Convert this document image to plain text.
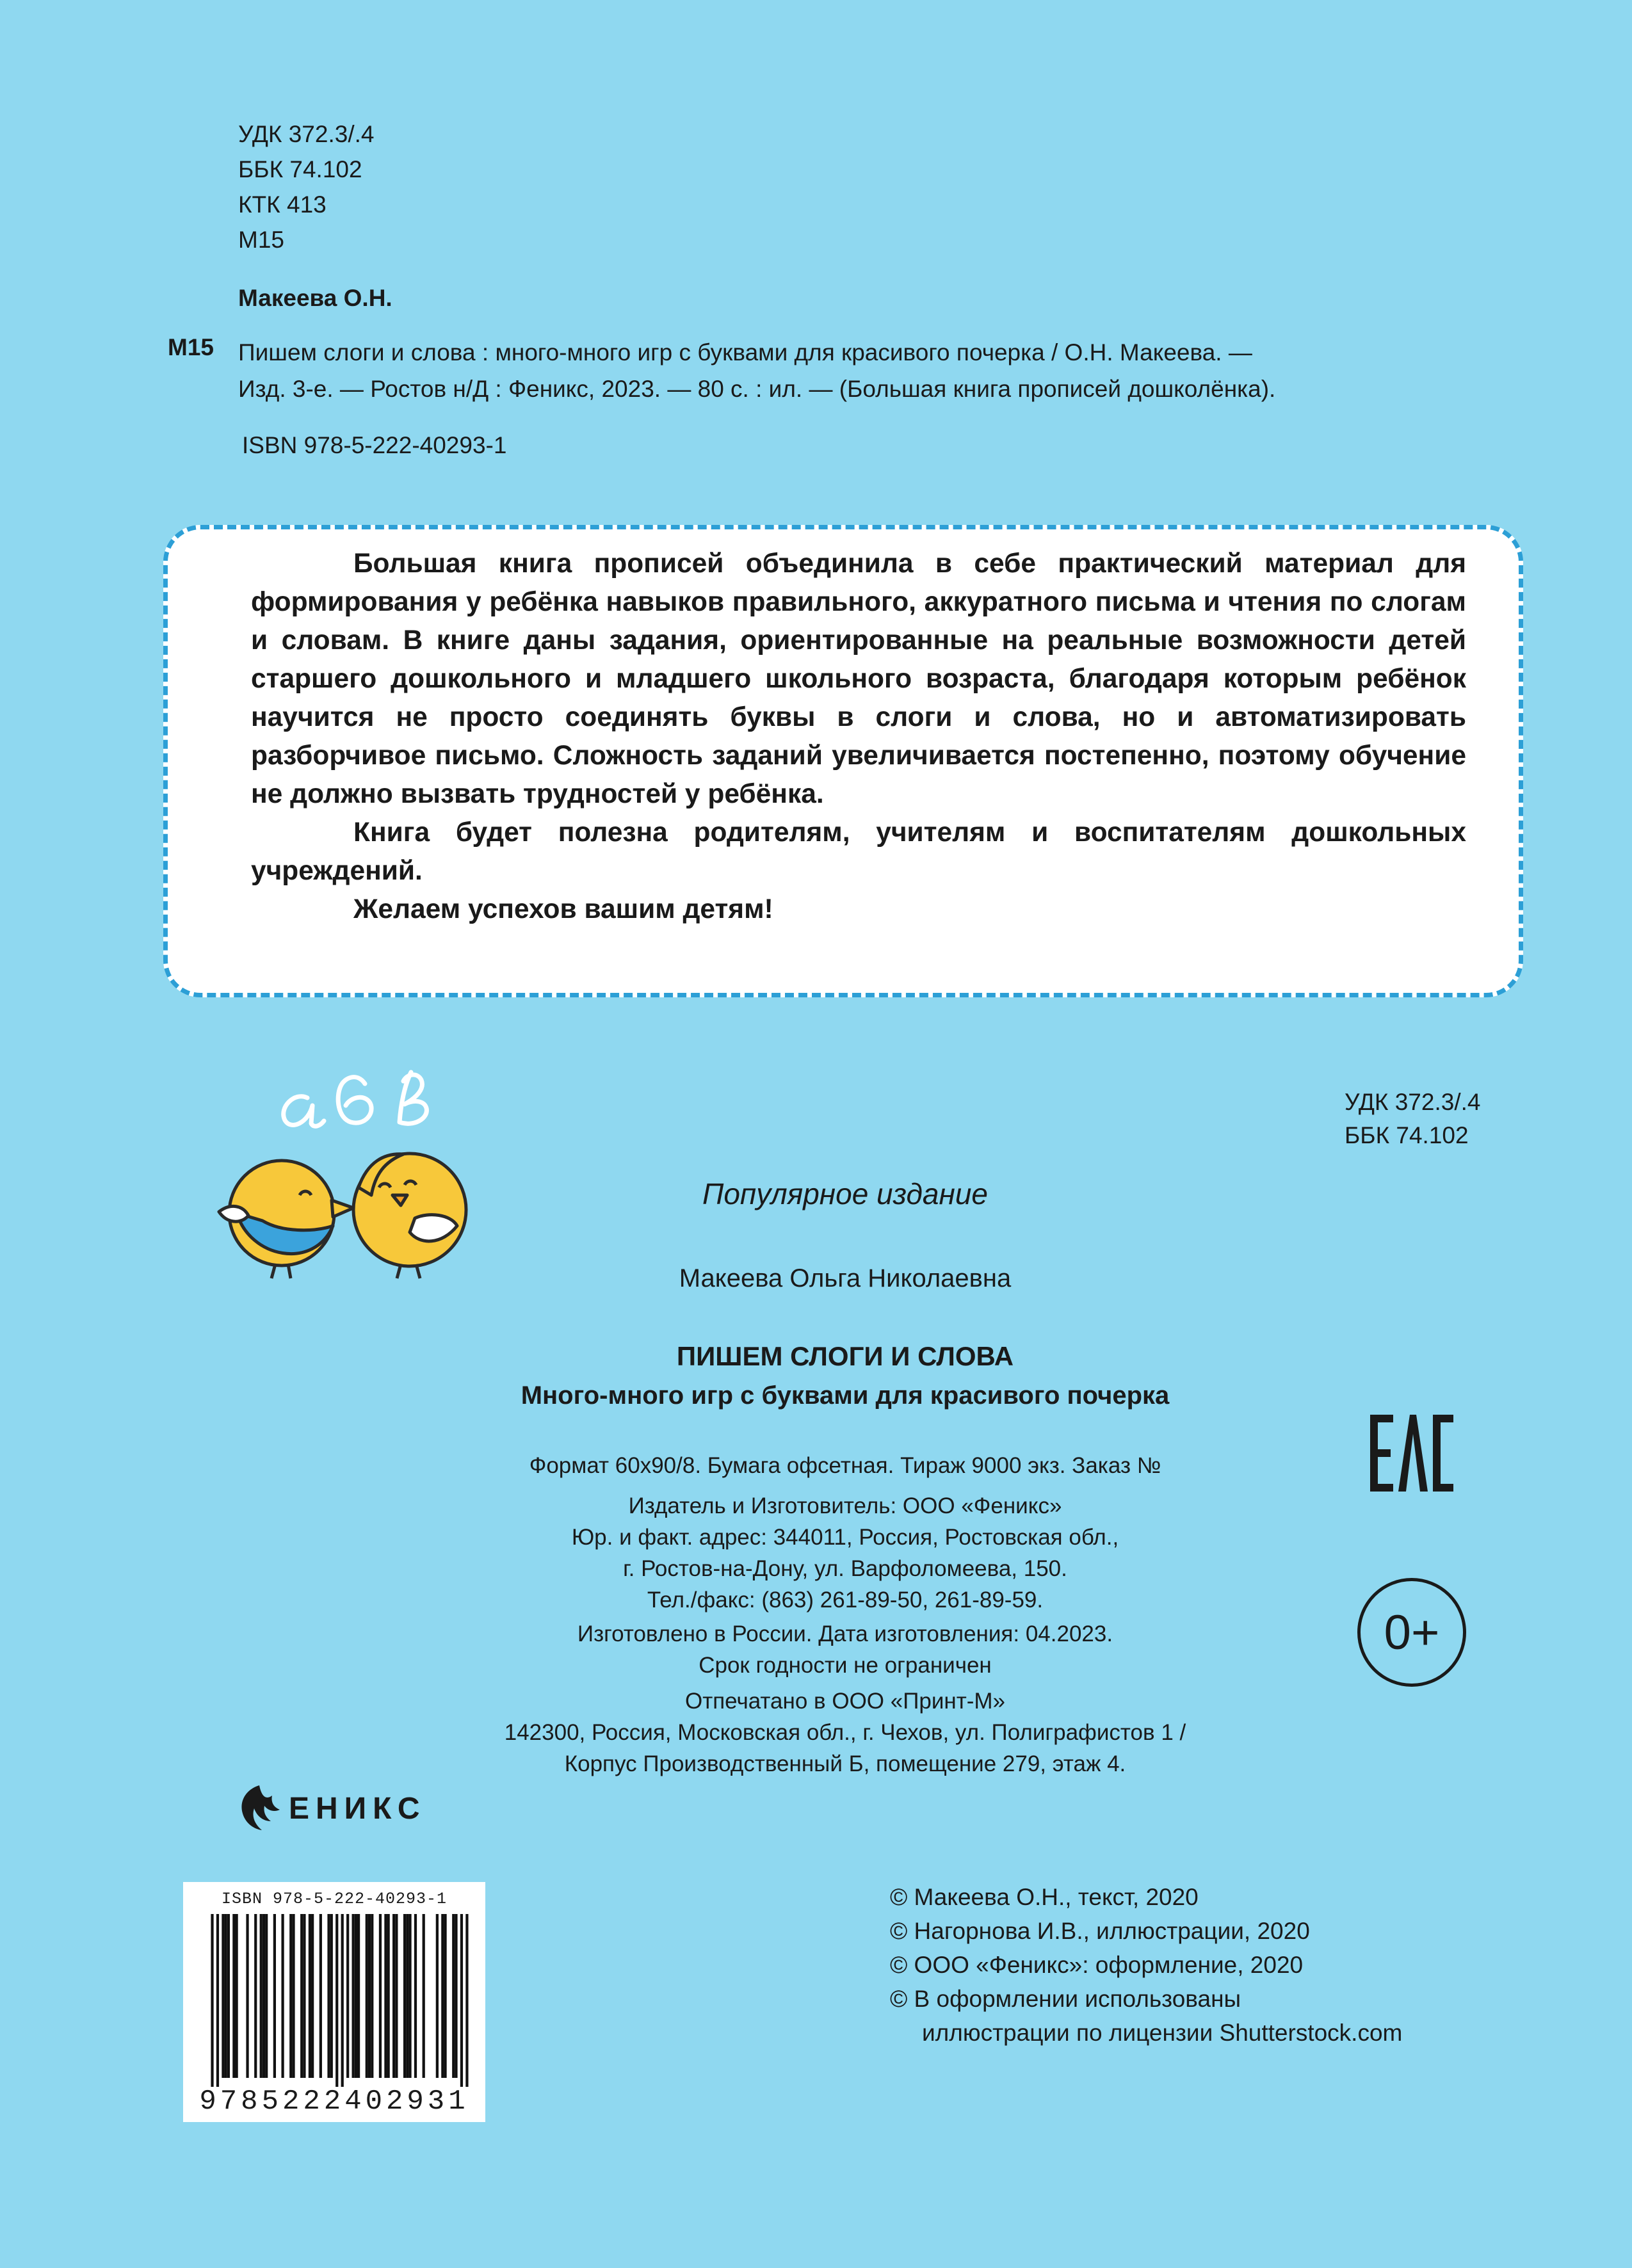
УДК 372.3/.4
ББК 74.102
КТК 413
М15
Макеева О.Н.
М15 Пишем слоги и слова : много-много игр с буквами для красивого почерка / О.Н. Макеева. —
Изд. 3-е. — Ростов н/Д : Феникс, 2023. — 80 с. : ил. — (Большая книга прописей дошколёнка).
ISBN 978-5-222-40293-1

Большая книга прописей объединила в себе практический материал для формирования у ребёнка навыков правильного, аккуратного письма и чтения по слогам и словам. В книге даны задания, ориентированные на реальные возможности детей старшего дошкольного и младшего школьного возраста, благодаря которым ребёнок научится не просто соединять буквы в слоги и слова, но и автоматизировать разборчивое письмо. Сложность заданий увеличивается постепенно, поэтому обучение не должно вызвать трудностей у ребёнка.

Книга будет полезна родителям, учителям и воспитателям дошкольных учреждений.

Желаем успехов вашим детям!

УДК 372.3/.4
ББК 74.102
Популярное издание
Макеева Ольга Николаевна
ПИШЕМ СЛОГИ И СЛОВА
Много-много игр с буквами для красивого почерка
Формат 60x90/8. Бумага офсетная. Тираж 9000 экз. Заказ №
Издатель и Изготовитель: ООО «Феникс»
Юр. и факт. адрес: 344011, Россия, Ростовская обл.,
г. Ростов-на-Дону, ул. Варфоломеева, 150.
Тел./факс: (863) 261-89-50, 261-89-59.
Изготовлено в России. Дата изготовления: 04.2023.
Срок годности не ограничен
Отпечатано в ООО «Принт-М»
142300, Россия, Московская обл., г. Чехов, ул. Полиграфистов 1 /
Корпус Производственный Б, помещение 279, этаж 4.
0+
ЕНИКС
ISBN 978-5-222-40293-1
9785222402931
© Макеева О.Н., текст, 2020
© Нагорнова И.В., иллюстрации, 2020
© ООО «Феникс»: оформление, 2020
© В оформлении использованы
иллюстрации по лицензии Shutterstock.com
